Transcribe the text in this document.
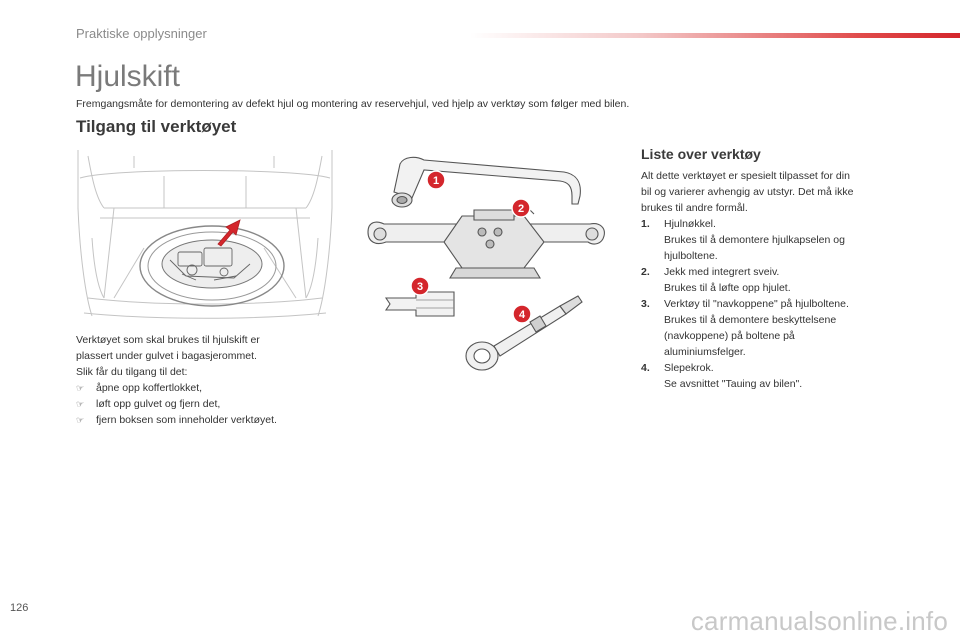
Praktiske opplysninger
Hjulskift

Fremgangsmåte for demontering av defekt hjul og montering av reservehjul, ved hjelp av verktøy som følger med bilen.

Tilgang til verktøyet
1
2
3
4

Verktøyet som skal brukes til hjulskift er

plassert under gulvet i bagasjerommet.

Slik får du tilgang til det:

☞	åpne opp koffertlokket,
☞	løft opp gulvet og fjern det,
☞	fjern boksen som inneholder verktøyet.
Liste over verktøy

Alt dette verktøyet er spesielt tilpasset for din

bil og varierer avhengig av utstyr. Det må ikke

brukes til andre formål.

1.	Hjulnøkkel.
Brukes til å demontere hjulkapselen og
hjulboltene.
2.	Jekk med integrert sveiv.
Brukes til å løfte opp hjulet.
3.	Verktøy til "navkoppene" på hjulboltene.
Brukes til å demontere beskyttelsene
(navkoppene) på boltene på
aluminiumsfelger.
4.	Slepekrok.
Se avsnittet "Tauing av bilen".
126	carmanualsonline.info
